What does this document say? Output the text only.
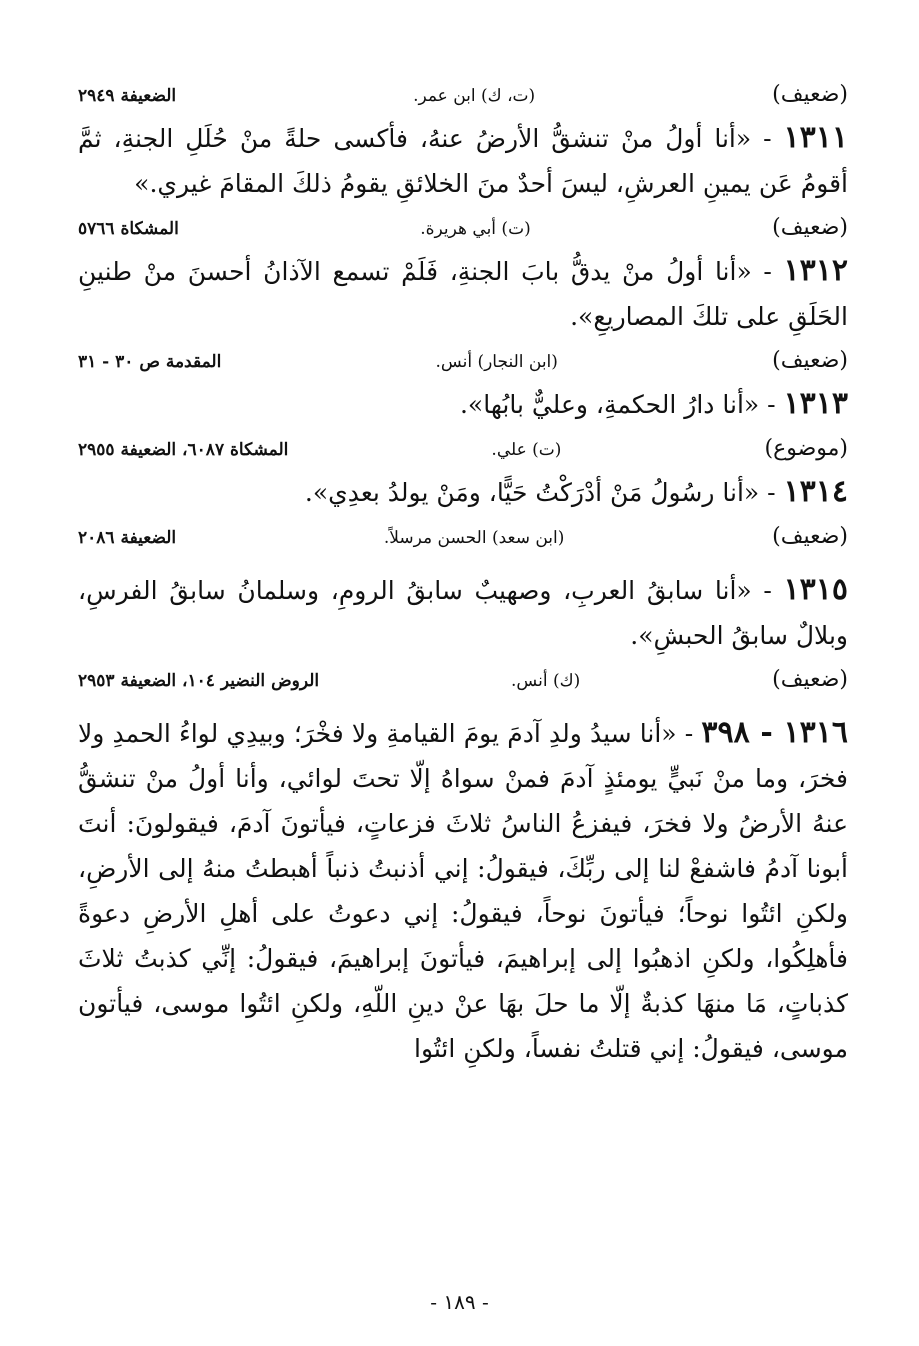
(ضعيف)
(ت، ك) ابن عمر.
الضعيفة ٢٩٤٩

١٣١١ - «أنا أولُ منْ تنشقُّ الأرضُ عنهُ، فأكسى حلةً منْ حُلَلِ الجنةِ، ثمَّ أقومُ عَن يمينِ العرشِ، ليسَ أحدٌ منَ الخلائقِ يقومُ ذلكَ المقامَ غيري.»

(ضعيف)
(ت) أبي هريرة.
المشكاة ٥٧٦٦

١٣١٢ - «أنا أولُ منْ يدقُّ بابَ الجنةِ، فَلَمْ تسمع الآذانُ أحسنَ منْ طنينِ الحَلَقِ على تلكَ المصاريعِ».

(ضعيف)
(ابن النجار) أنس.
المقدمة ص ٣٠ - ٣١

١٣١٣ - «أنا دارُ الحكمةِ، وعليٌّ بابُها».

(موضوع)
(ت) علي.
المشكاة ٦٠٨٧، الضعيفة ٢٩٥٥

١٣١٤ - «أنا رسُولُ مَنْ أدْرَكْتُ حَيًّا، ومَنْ يولدُ بعدِي».

(ضعيف)
(ابن سعد) الحسن مرسلاً.
الضعيفة ٢٠٨٦

١٣١٥ - «أنا سابقُ العربِ، وصهيبٌ سابقُ الرومِ، وسلمانُ سابقُ الفرسِ، وبلالٌ سابقُ الحبشِ».

(ضعيف)
(ك) أنس.
الروض النضير ١٠٤، الضعيفة ٢٩٥٣

١٣١٦ - ٣٩٨ - «أنا سيدُ ولدِ آدمَ يومَ القيامةِ ولا فخْرَ؛ وبيدِي لواءُ الحمدِ ولا فخرَ، وما منْ نَبيٍّ يومئذٍ آدمَ فمنْ سواهُ إلّا تحتَ لوائي، وأنا أولُ منْ تنشقُّ عنهُ الأرضُ ولا فخرَ، فيفزعُ الناسُ ثلاثَ فزعاتٍ، فيأتونَ آدمَ، فيقولونَ: أنتَ أبونا آدمُ فاشفعْ لنا إلى ربِّكَ، فيقولُ: إني أذنبتُ ذنباً أهبطتُ منهُ إلى الأرضِ، ولكنِ ائتُوا نوحاً؛ فيأتونَ نوحاً، فيقولُ: إني دعوتُ على أهلِ الأرضِ دعوةً فأهلِكُوا، ولكنِ اذهبُوا إلى إبراهيمَ، فيأتونَ إبراهيمَ، فيقولُ: إنِّي كذبتُ ثلاثَ كذباتٍ، مَا منهَا كذبةٌ إلّا ما حلَ بهَا عنْ دينِ اللّهِ، ولكنِ ائتُوا موسى، فيأتون موسى، فيقولُ: إني قتلتُ نفساً، ولكنِ ائتُوا

- ١٨٩ -
